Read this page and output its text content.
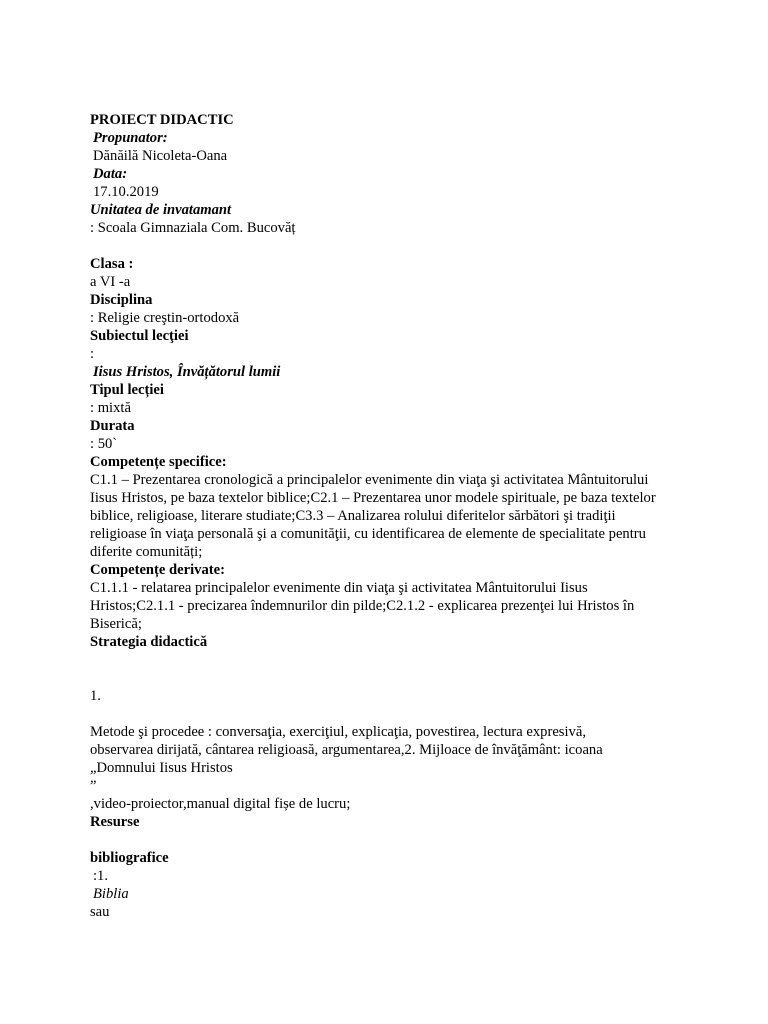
PROIECT DIDACTIC

Propunator:

Dănăilă Nicoleta-Oana

Data:

17.10.2019

Unitatea de invatamant

: Scoala Gimnaziala Com. Bucovăț

Clasa :

a VI -a

Disciplina

: Religie creştin-ortodoxă

Subiectul lecţiei

:

Iisus Hristos, Învățătorul lumii

Tipul lecției

: mixtă

Durata

: 50`

Competențe specifice:

C1.1 – Prezentarea cronologică a principalelor evenimente din viaţa şi activitatea Mântuitorului

Iisus Hristos, pe baza textelor biblice;C2.1 – Prezentarea unor modele spirituale, pe baza textelor

biblice, religioase, literare studiate;C3.3 – Analizarea rolului diferitelor sărbători şi tradiţii

religioase în viaţa personală şi a comunităţii, cu identificarea de elemente de specialitate pentru

diferite comunități;

Competențe derivate:

C1.1.1 - relatarea principalelor evenimente din viaţa şi activitatea Mântuitorului Iisus

Hristos;C2.1.1 - precizarea îndemnurilor din pilde;C2.1.2 - explicarea prezenţei lui Hristos în

Biserică;

Strategia didactică

1.

Metode şi procedee : conversaţia, exerciţiul, explicaţia, povestirea, lectura expresivă,

observarea dirijată, cântarea religioasă, argumentarea,2. Mijloace de învăţământ: icoana

„Domnului Iisus Hristos

”

,video-proiector,manual digital fișe de lucru;

Resurse

bibliografice

:1.

Biblia

sau
